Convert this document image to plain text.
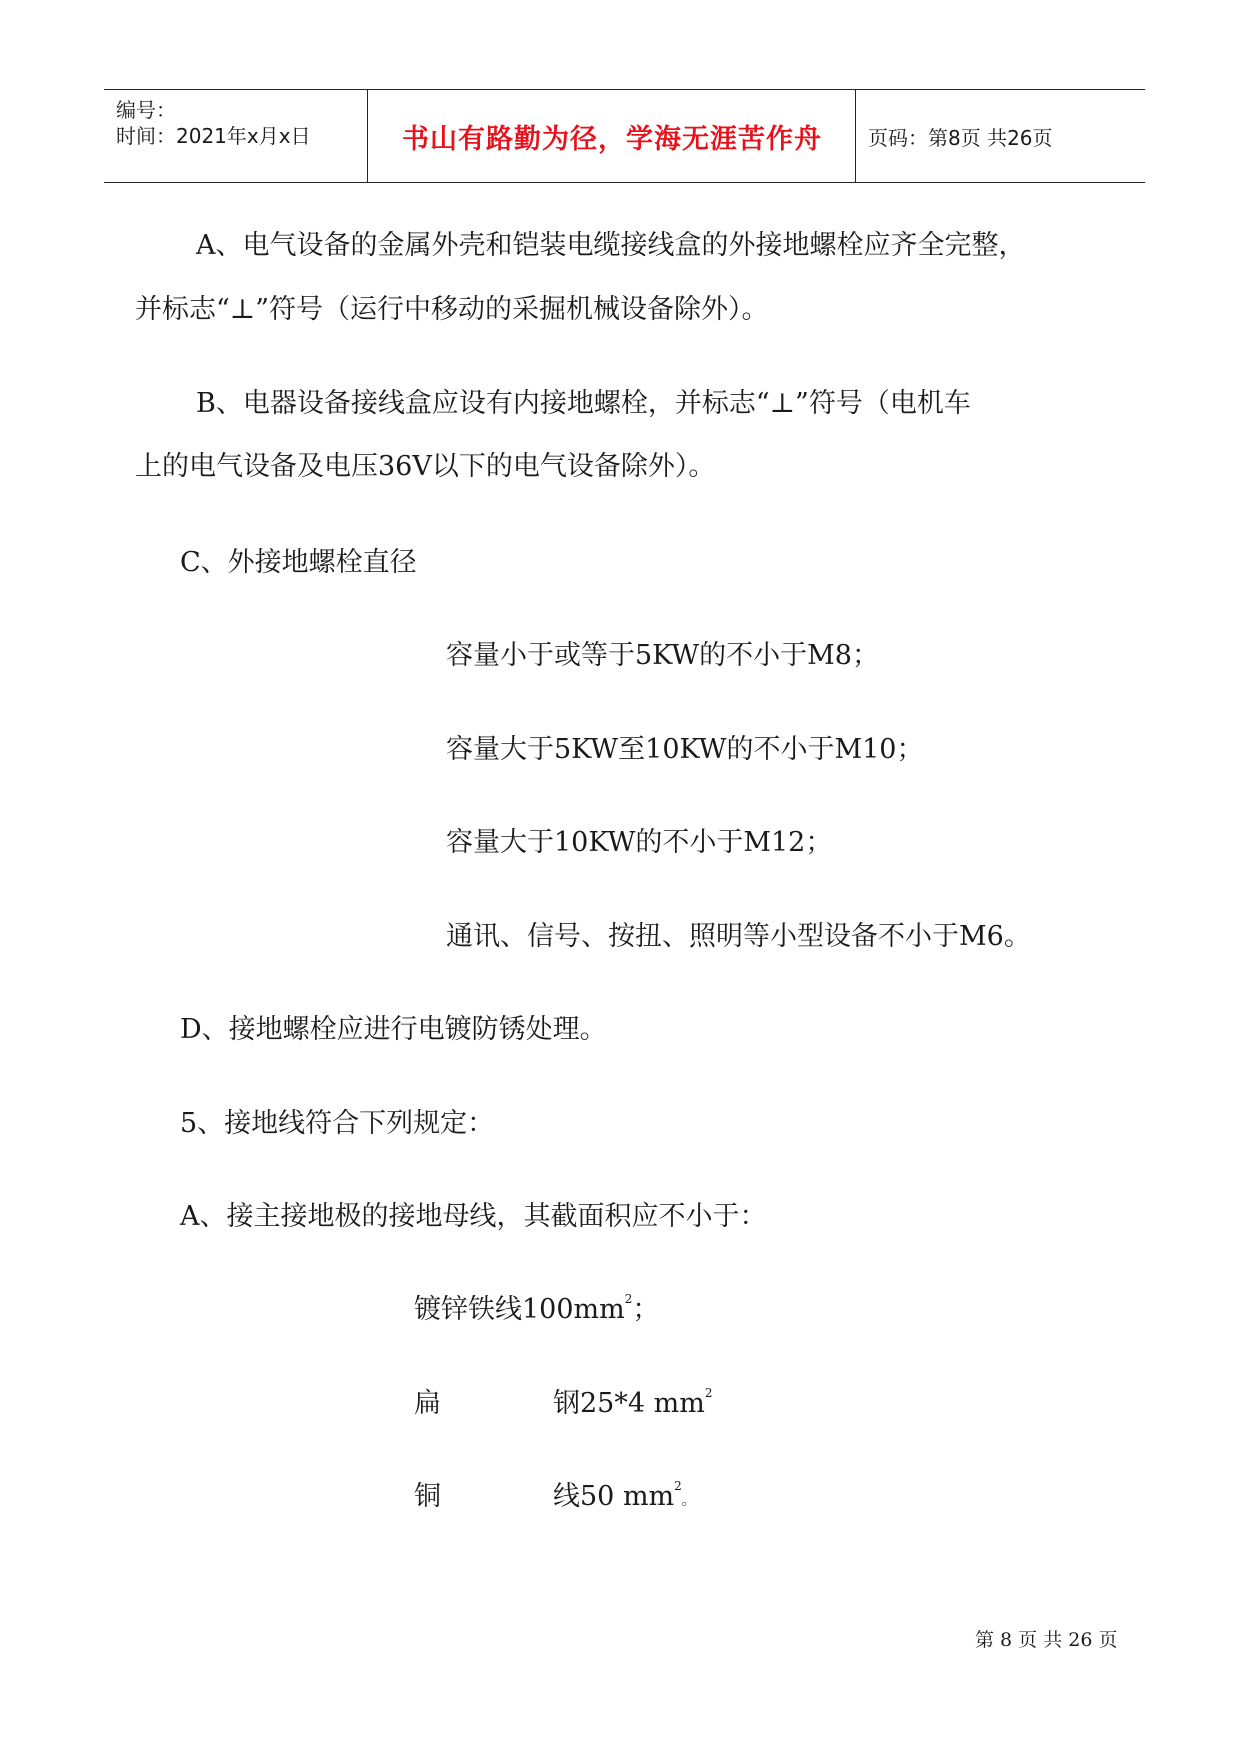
编号：
时间：2021年x月x日	书山有路勤为径，学海无涯苦作舟	页码：第8页 共26页
A、电气设备的金属外壳和铠装电缆接线盒的外接地螺栓应齐全完整，
并标志“⊥”符号（运行中移动的采掘机械设备除外）。
B、电器设备接线盒应设有内接地螺栓，并标志“⊥”符号（电机车
上的电气设备及电压36V以下的电气设备除外）。
C、外接地螺栓直径
容量小于或等于5KW的不小于M8；
容量大于5KW至10KW的不小于M10；
容量大于10KW的不小于M12；
通讯、信号、按扭、照明等小型设备不小于M6。
D、接地螺栓应进行电镀防锈处理。
5、接地线符合下列规定：
A、接主接地极的接地母线，其截面积应不小于：
镀锌铁线$100mm^2$；
扁	钢25*4 $mm^2$
铜	线50 $mm^2$。
第 8 页 共 26 页
